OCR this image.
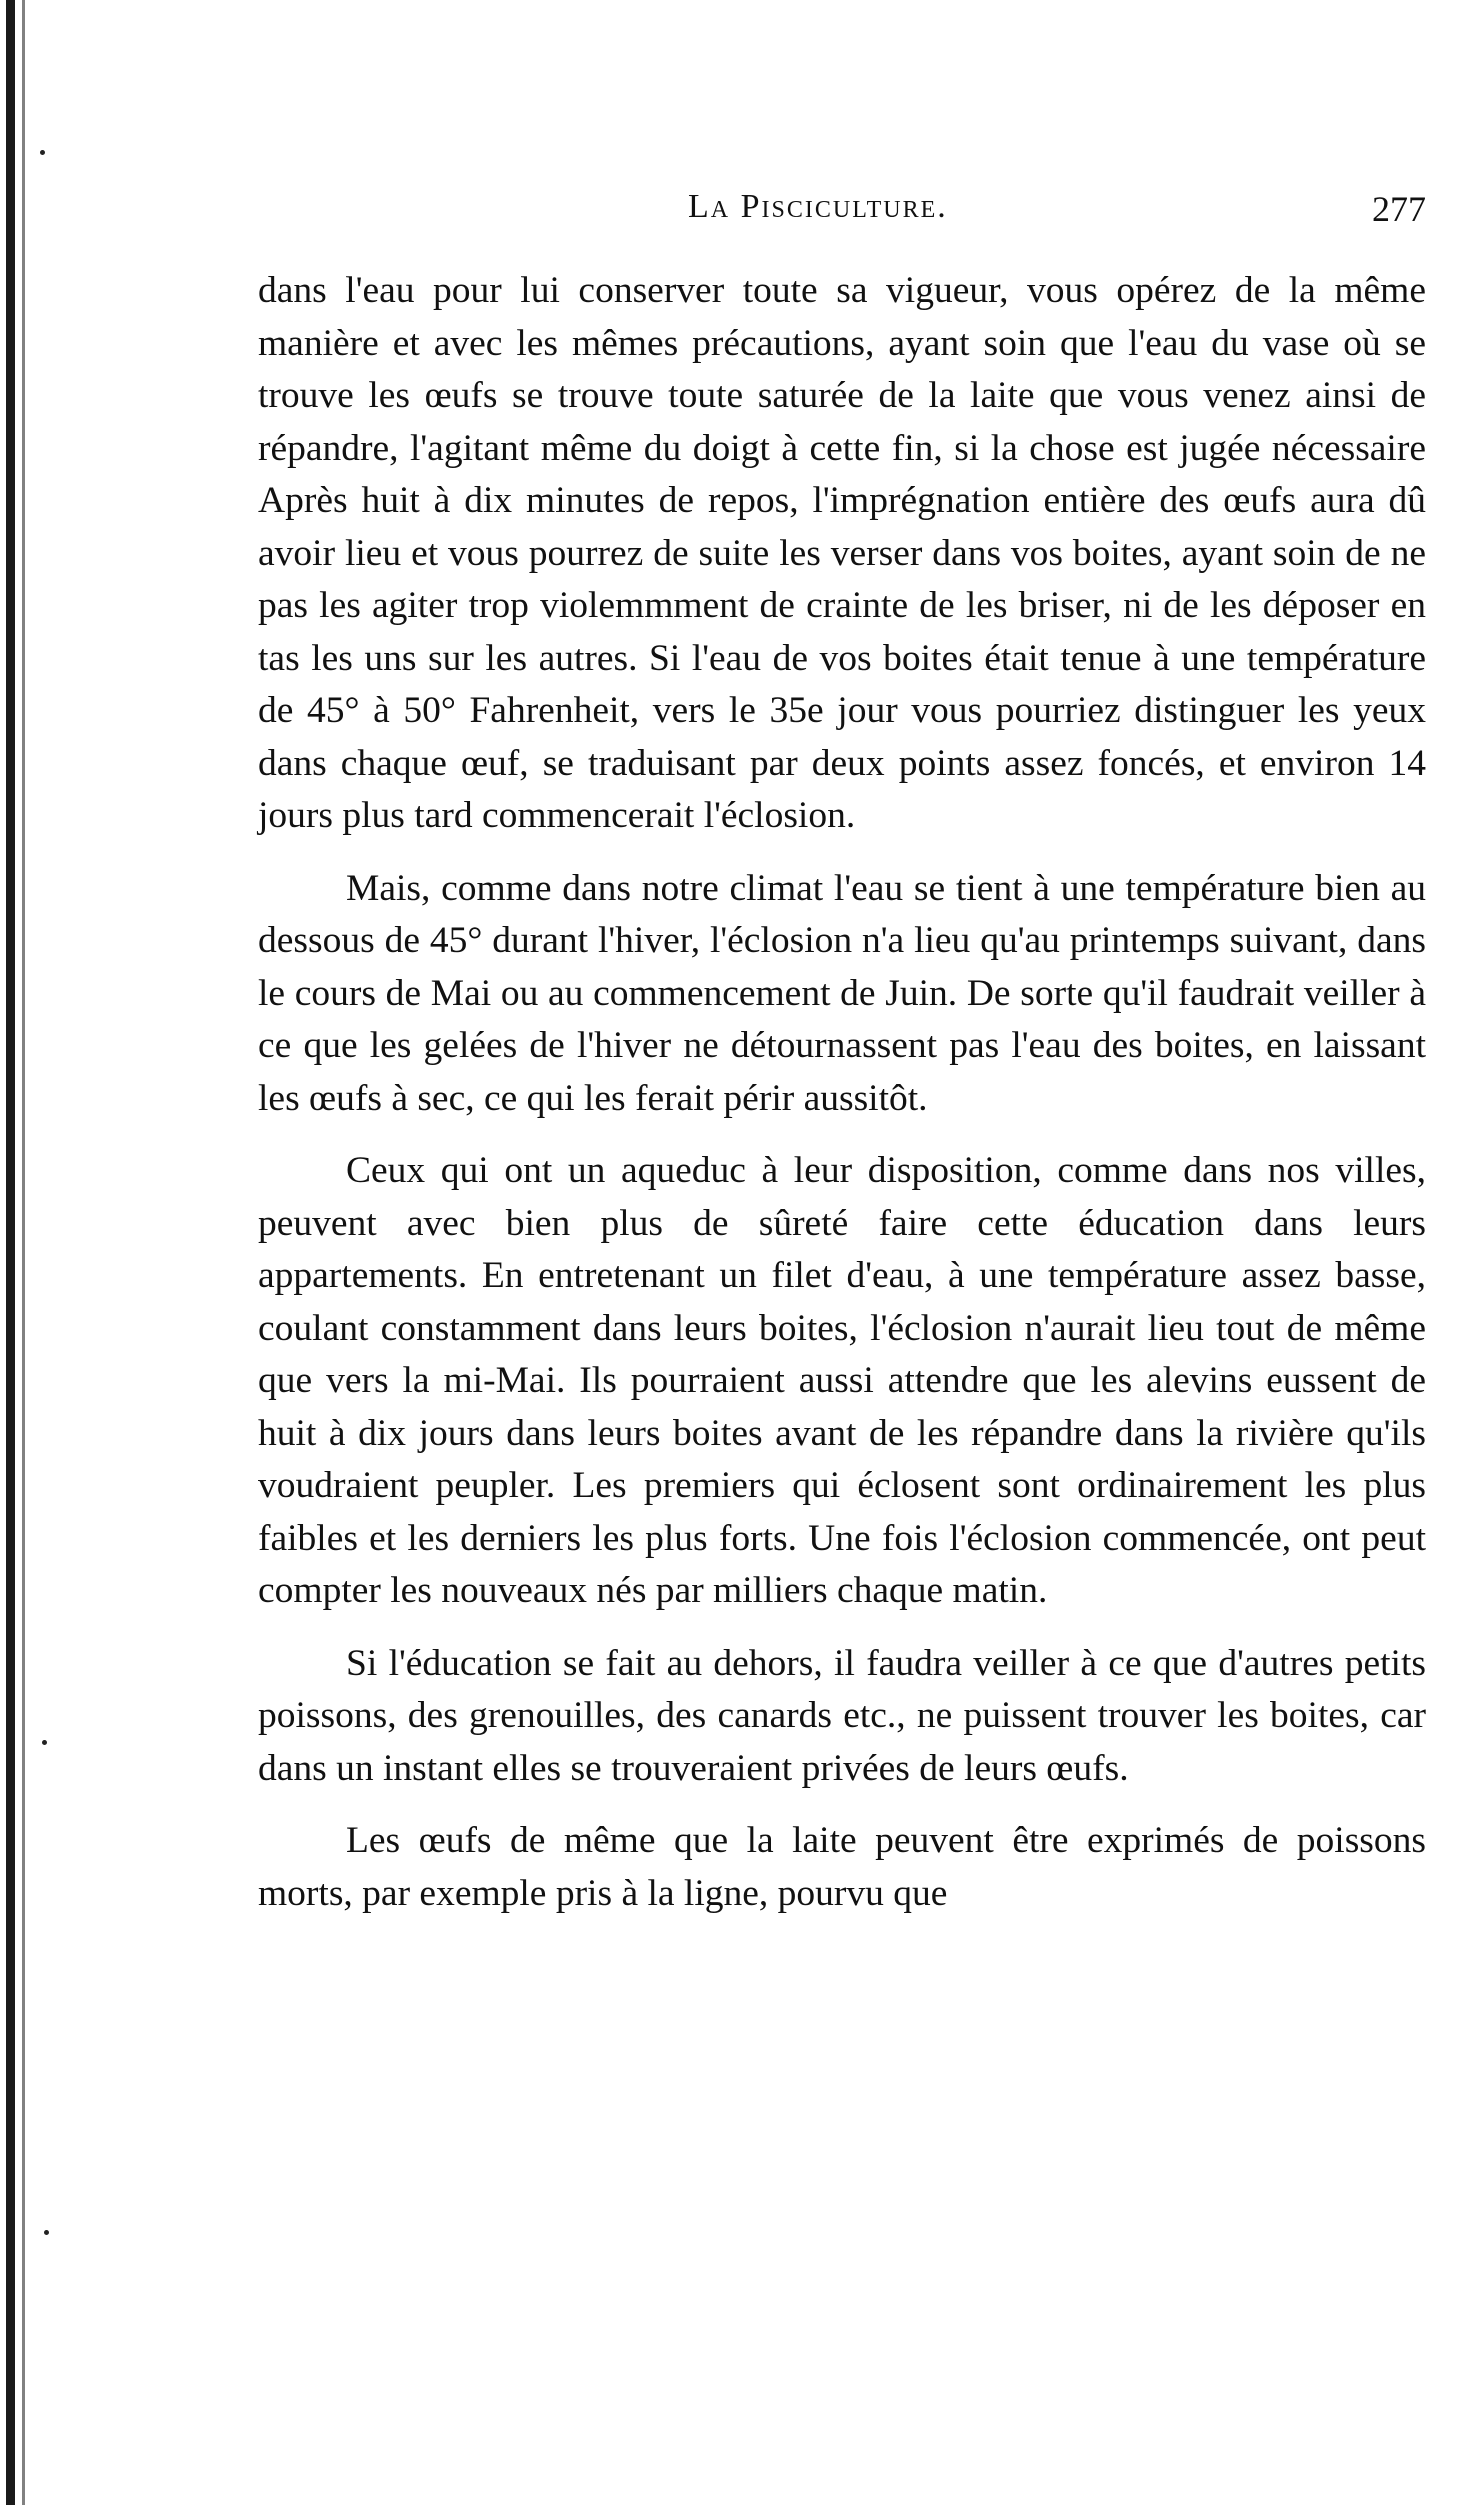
La Pisciculture.	277

dans l'eau pour lui conserver toute sa vigueur, vous opérez de la même manière et avec les mêmes précautions, ayant soin que l'eau du vase où se trouve les œufs se trouve toute saturée de la laite que vous venez ainsi de répandre, l'agitant même du doigt à cette fin, si la chose est jugée nécessaire Après huit à dix minutes de repos, l'imprégnation entière des œufs aura dû avoir lieu et vous pourrez de suite les verser dans vos boites, ayant soin de ne pas les agiter trop violemmment de crainte de les briser, ni de les déposer en tas les uns sur les autres. Si l'eau de vos boites était tenue à une température de 45° à 50° Fahrenheit, vers le 35e jour vous pourriez distinguer les yeux dans chaque œuf, se traduisant par deux points assez foncés, et environ 14 jours plus tard commencerait l'éclosion.

Mais, comme dans notre climat l'eau se tient à une température bien au dessous de 45° durant l'hiver, l'éclosion n'a lieu qu'au printemps suivant, dans le cours de Mai ou au commencement de Juin. De sorte qu'il faudrait veiller à ce que les gelées de l'hiver ne détournassent pas l'eau des boites, en laissant les œufs à sec, ce qui les ferait périr aussitôt.

Ceux qui ont un aqueduc à leur disposition, comme dans nos villes, peuvent avec bien plus de sûreté faire cette éducation dans leurs appartements. En entretenant un filet d'eau, à une température assez basse, coulant constamment dans leurs boites, l'éclosion n'aurait lieu tout de même que vers la mi-Mai. Ils pourraient aussi attendre que les alevins eussent de huit à dix jours dans leurs boites avant de les répandre dans la rivière qu'ils voudraient peupler. Les premiers qui éclosent sont ordinairement les plus faibles et les derniers les plus forts. Une fois l'éclosion commencée, ont peut compter les nouveaux nés par milliers chaque matin.

Si l'éducation se fait au dehors, il faudra veiller à ce que d'autres petits poissons, des grenouilles, des canards etc., ne puissent trouver les boites, car dans un instant elles se trouveraient privées de leurs œufs.

Les œufs de même que la laite peuvent être exprimés de poissons morts, par exemple pris à la ligne, pourvu que
